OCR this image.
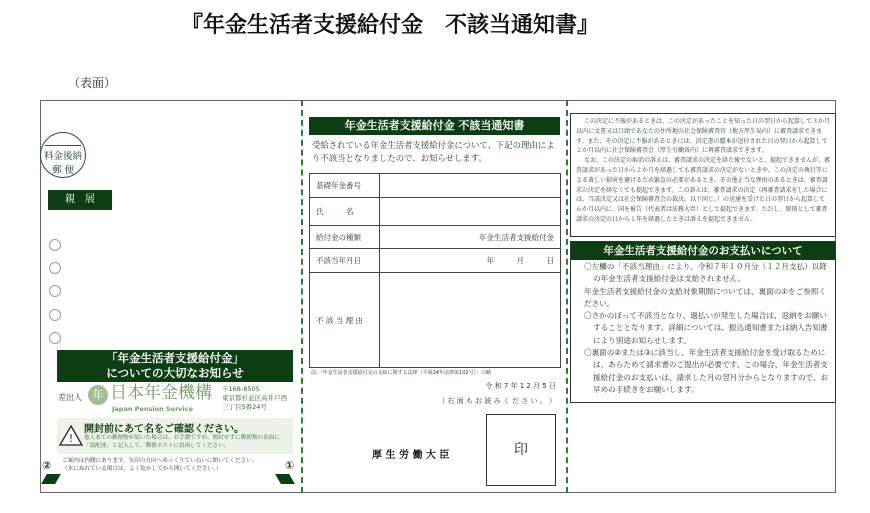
『年金生活者支援給付金　不該当通知書』
（表面）
料金後納
郵 便
親　展
「年金生活者支援給付金」
についての大切なお知らせ
差出人 年 日本年金機構
Japan Pension Service
〒168-8505
東京都杉並区高井戸西
三丁目5番24号
!
開封前にあて名をご確認ください。
他人あての郵便物が届いた場合は、お手数ですが、開封せずに郵便物の表面に「誤配達」と記入して、郵便ポストに投函してください。
ご案内は内側にあります。矢印の方向へゆっくりていねいに開いてください。
（水にぬれている場合は、よく乾かしてから開いてください。）
②	①
年金生活者支援給付金 不該当通知書
受給されている年金生活者支援給付金について、下記の理由により不該当となりましたので、お知らせします。
基礎年金番号	
氏　　　名	
給付金の種類	年金生活者支援給付金
不該当年月日	年　　　月　　　日
不 該 当 理 由	
法:「年金生活者支援給付金の支給に関する法律（平成24年法律第102号）」の略
令 和 7 年 1 2 月 5 日
（ 右 面 も お 読 み く だ さ い 。 ）
厚 生 労 働 大 臣	印

この決定に不服があるときは、この決定があったことを知った日の翌日から起算して３か月以内に文書又は口頭であなたの住所地の社会保険審査官（地方厚生局内）に審査請求できます。また、その決定に不服があるときには、決定書の謄本が送付された日の翌日から起算して２か月以内に社会保険審査会（厚生労働省内）に再審査請求できます。

なお、この決定の取消の訴えは、審査請求の決定を経た後でないと、提起できませんが、審査請求があった日から２か月を経過しても審査請求の決定がないときや、この決定の執行等による著しい損害を避けるため緊急の必要があるとき、その他正当な理由のあるときは、審査請求の決定を経なくても提起できます。この訴えは、審査請求の決定（再審査請求をした場合には、当該決定又は社会保険審査会の裁決。以下同じ。）の送達を受けた日の翌日から起算して６か月以内に、国を被告（代表者は法務大臣）として提起できます。ただし、原則として審査請求の決定の日から１年を経過したときは訴えを提起できません。

年金生活者支援給付金のお支払いについて

〇左欄の「不該当理由」により、令和７年１０月分（１２月支払）以降の年金生活者支援給付金は支給されません。

年金生活者支援給付金の支給対象期間については、裏面の①をご参照ください。

〇さかのぼって不該当となり、過払いが発生した場合は、返納をお願いすることとなります。詳細については、振込通知書または納入告知書により別途お知らせします。

〇裏面の②または③に該当し、年金生活者支援給付金を受け取るためには、あらためて請求書のご提出が必要です。この場合、年金生活者支援給付金のお支払いは、請求した月の翌月分からとなりますので、お早めの手続きをお願いします。
